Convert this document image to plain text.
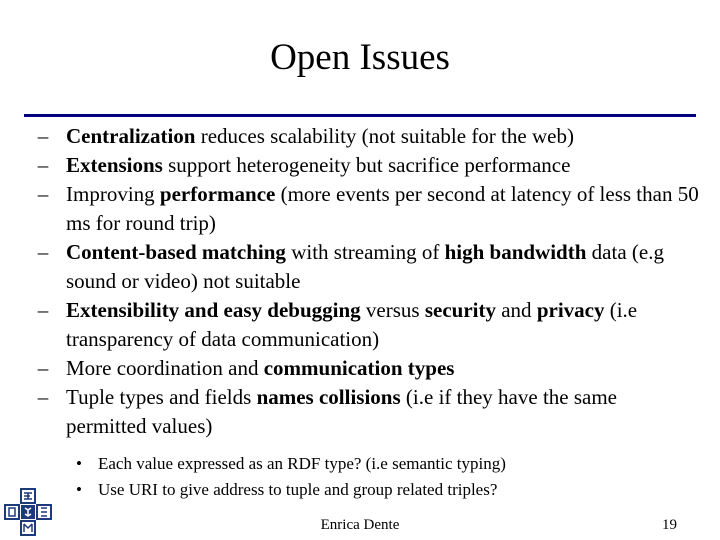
Open Issues
– Centralization reduces scalability (not suitable for the web)
– Extensions support heterogeneity but sacrifice performance
– Improving performance (more events per second at latency of less than 50 ms for round trip)
– Content-based matching with streaming of high bandwidth data (e.g sound or video) not suitable
– Extensibility and easy debugging versus security and privacy (i.e transparency of data communication)
– More coordination and communication types
– Tuple types and fields names collisions (i.e if they have the same permitted values)
• Each value expressed as an RDF type? (i.e semantic typing)
• Use URI to give address to tuple and group related triples?
Enrica Dente	19
